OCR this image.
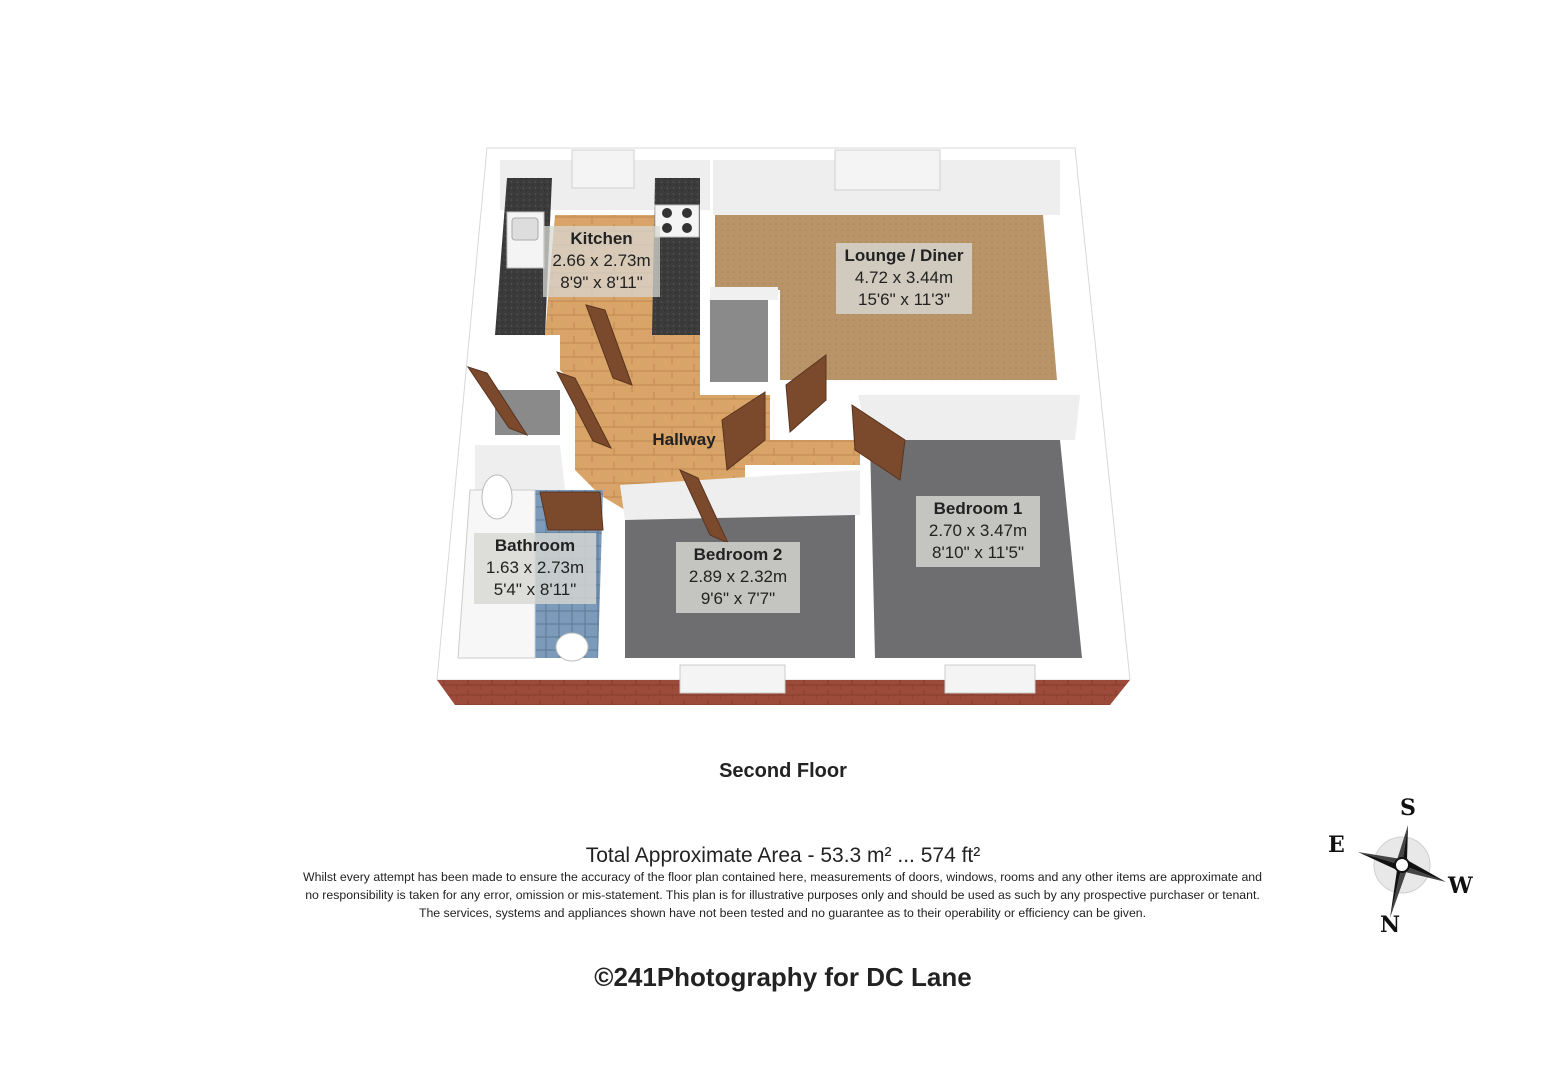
Kitchen
2.66 x 2.73m
8'9" x 8'11"
Lounge / Diner
4.72 x 3.44m
15'6" x 11'3"
Hallway
Bedroom 1
2.70 x 3.47m
8'10" x 11'5"
Bedroom 2
2.89 x 2.32m
9'6" x 7'7"
Bathroom
1.63 x 2.73m
5'4" x 8'11"
Second Floor
Total Approximate Area - 53.3 m² ... 574 ft²
Whilst every attempt has been made to ensure the accuracy of the floor plan contained here, measurements of doors, windows, rooms and any other items are approximate and
no responsibility is taken for any error, omission or mis-statement. This plan is for illustrative purposes only and should be used as such by any prospective purchaser or tenant.
The services, systems and appliances shown have not been tested and no guarantee as to their operability or efficiency can be given.
©241Photography for DC Lane
S
E
W
N
